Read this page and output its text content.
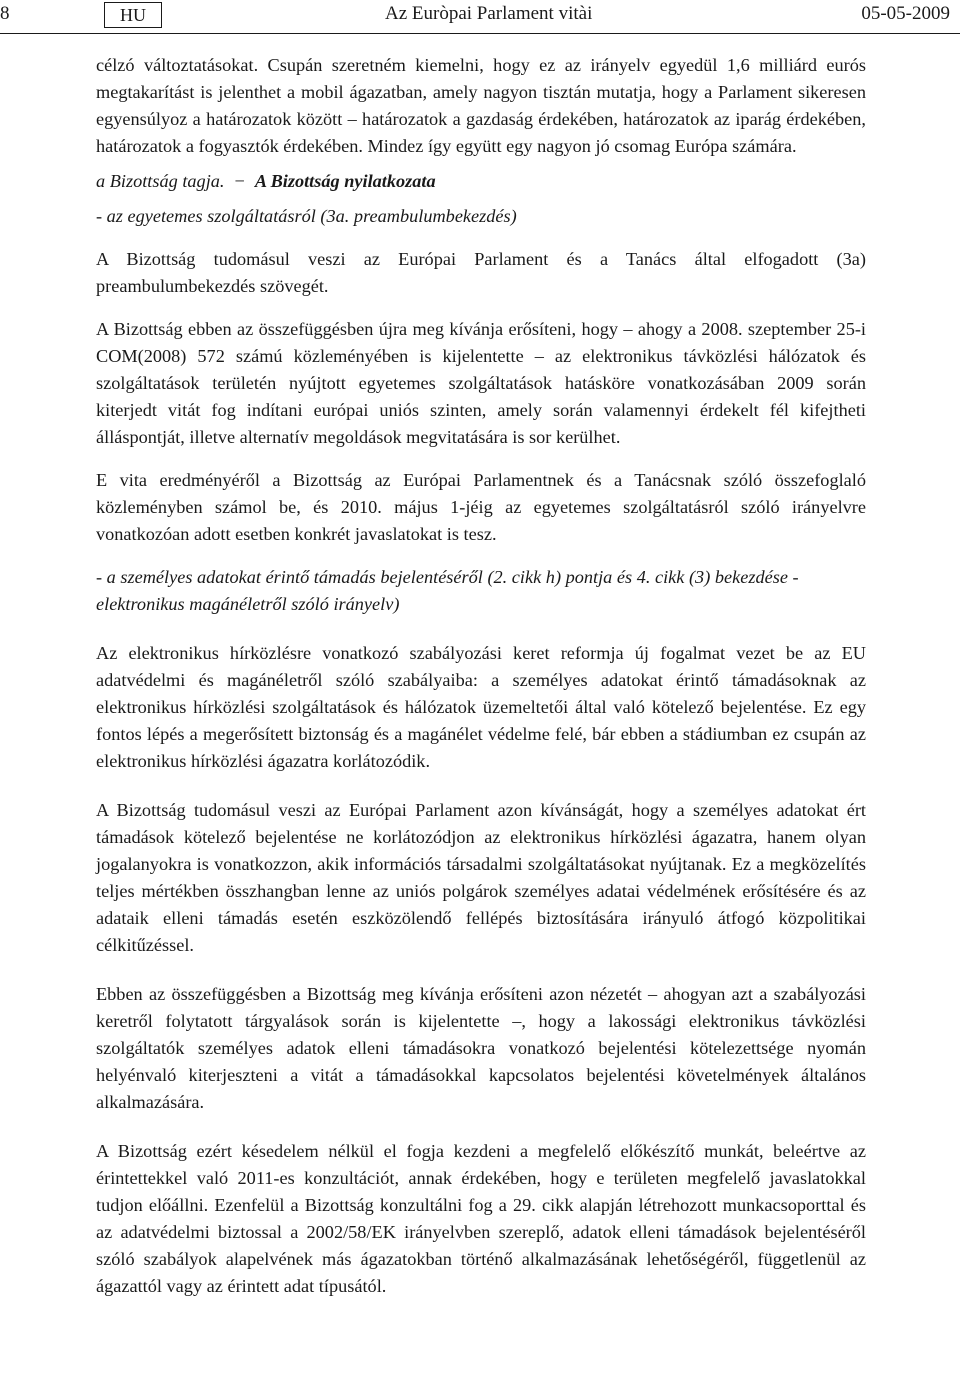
8	HU	Az Euròpai Parlament vitài	05-05-2009

célzó változtatásokat. Csupán szeretném kiemelni, hogy ez az irányelv egyedül 1,6 milliárd eurós megtakarítást is jelenthet a mobil ágazatban, amely nagyon tisztán mutatja, hogy a Parlament sikeresen egyensúlyoz a határozatok között – határozatok a gazdaság érdekében, határozatok az iparág érdekében, határozatok a fogyasztók érdekében. Mindez így együtt egy nagyon jó csomag Európa számára.

a Bizottság tagja. − A Bizottság nyilatkozata

- az egyetemes szolgáltatásról (3a. preambulumbekezdés)

A Bizottság tudomásul veszi az Európai Parlament és a Tanács által elfogadott (3a) preambulumbekezdés szövegét.

A Bizottság ebben az összefüggésben újra meg kívánja erősíteni, hogy – ahogy a 2008. szeptember 25-i COM(2008) 572 számú közleményében is kijelentette – az elektronikus távközlési hálózatok és szolgáltatások területén nyújtott egyetemes szolgáltatások hatásköre vonatkozásában 2009 során kiterjedt vitát fog indítani európai uniós szinten, amely során valamennyi érdekelt fél kifejtheti álláspontját, illetve alternatív megoldások megvitatására is sor kerülhet.

E vita eredményéről a Bizottság az Európai Parlamentnek és a Tanácsnak szóló összefoglaló közleményben számol be, és 2010. május 1-jéig az egyetemes szolgáltatásról szóló irányelvre vonatkozóan adott esetben konkrét javaslatokat is tesz.

- a személyes adatokat érintő támadás bejelentéséről (2. cikk h) pontja és 4. cikk (3) bekezdése - elektronikus magánéletről szóló irányelv)

Az elektronikus hírközlésre vonatkozó szabályozási keret reformja új fogalmat vezet be az EU adatvédelmi és magánéletről szóló szabályaiba: a személyes adatokat érintő támadásoknak az elektronikus hírközlési szolgáltatások és hálózatok üzemeltetői által való kötelező bejelentése. Ez egy fontos lépés a megerősített biztonság és a magánélet védelme felé, bár ebben a stádiumban ez csupán az elektronikus hírközlési ágazatra korlátozódik.

A Bizottság tudomásul veszi az Európai Parlament azon kívánságát, hogy a személyes adatokat ért támadások kötelező bejelentése ne korlátozódjon az elektronikus hírközlési ágazatra, hanem olyan jogalanyokra is vonatkozzon, akik információs társadalmi szolgáltatásokat nyújtanak. Ez a megközelítés teljes mértékben összhangban lenne az uniós polgárok személyes adatai védelmének erősítésére és az adataik elleni támadás esetén eszközölendő fellépés biztosítására irányuló átfogó közpolitikai célkitűzéssel.

Ebben az összefüggésben a Bizottság meg kívánja erősíteni azon nézetét – ahogyan azt a szabályozási keretről folytatott tárgyalások során is kijelentette –, hogy a lakossági elektronikus távközlési szolgáltatók személyes adatok elleni támadásokra vonatkozó bejelentési kötelezettsége nyomán helyénvaló kiterjeszteni a vitát a támadásokkal kapcsolatos bejelentési követelmények általános alkalmazására.

A Bizottság ezért késedelem nélkül el fogja kezdeni a megfelelő előkészítő munkát, beleértve az érintettekkel való 2011-es konzultációt, annak érdekében, hogy e területen megfelelő javaslatokkal tudjon előállni. Ezenfelül a Bizottság konzultálni fog a 29. cikk alapján létrehozott munkacsoporttal és az adatvédelmi biztossal a 2002/58/EK irányelvben szereplő, adatok elleni támadások bejelentéséről szóló szabályok alapelvének más ágazatokban történő alkalmazásának lehetőségéről, függetlenül az ágazattól vagy az érintett adat típusától.
